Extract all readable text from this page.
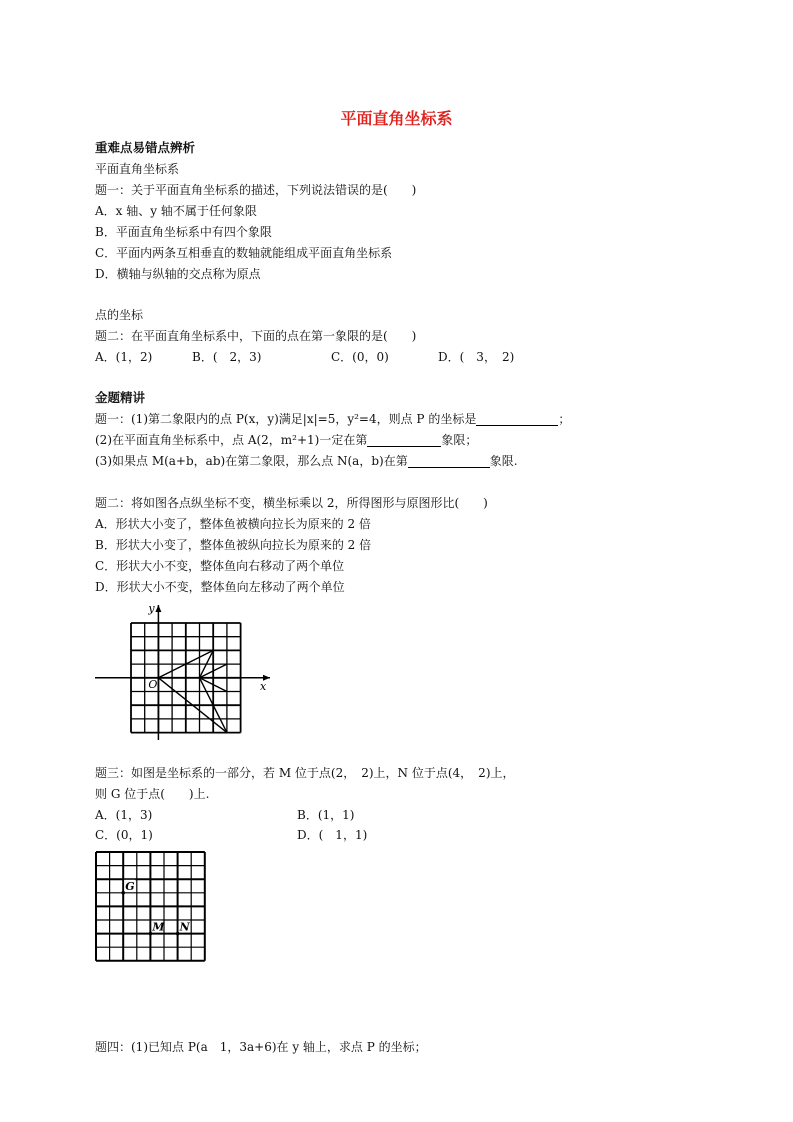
平面直角坐标系
重难点易错点辨析
平面直角坐标系
题一：关于平面直角坐标系的描述，下列说法错误的是(　　)
A．x 轴、y 轴不属于任何象限
B．平面直角坐标系中有四个象限
C．平面内两条互相垂直的数轴就能组成平面直角坐标系
D．横轴与纵轴的交点称为原点
点的坐标
题二：在平面直角坐标系中，下面的点在第一象限的是(　　)
A．(1，2)	B．(　2，3)	C．(0，0)	D．(　3，　2)
金题精讲
题一：(1)第二象限内的点 P(x，y)满足|x|=5，y²=4，则点 P 的坐标是	；
(2)在平面直角坐标系中，点 A(2，m²+1)一定在第	象限；
(3)如果点 M(a+b，ab)在第二象限，那么点 N(a，b)在第	象限.
题二：将如图各点纵坐标不变，横坐标乘以 2，所得图形与原图形比(　　)
A．形状大小变了，整体鱼被横向拉长为原来的 2 倍
B．形状大小变了，整体鱼被纵向拉长为原来的 2 倍
C．形状大小不变，整体鱼向右移动了两个单位
D．形状大小不变，整体鱼向左移动了两个单位
y
x
O
题三：如图是坐标系的一部分，若 M 位于点(2，　2)上，N 位于点(4，　2)上，
则 G 位于点(　　)上.
A．(1，3)	B．(1，1)
C．(0，1)	D．(　1，1)
G
M N
题四：(1)已知点 P(a　1，3a+6)在 y 轴上，求点 P 的坐标；
